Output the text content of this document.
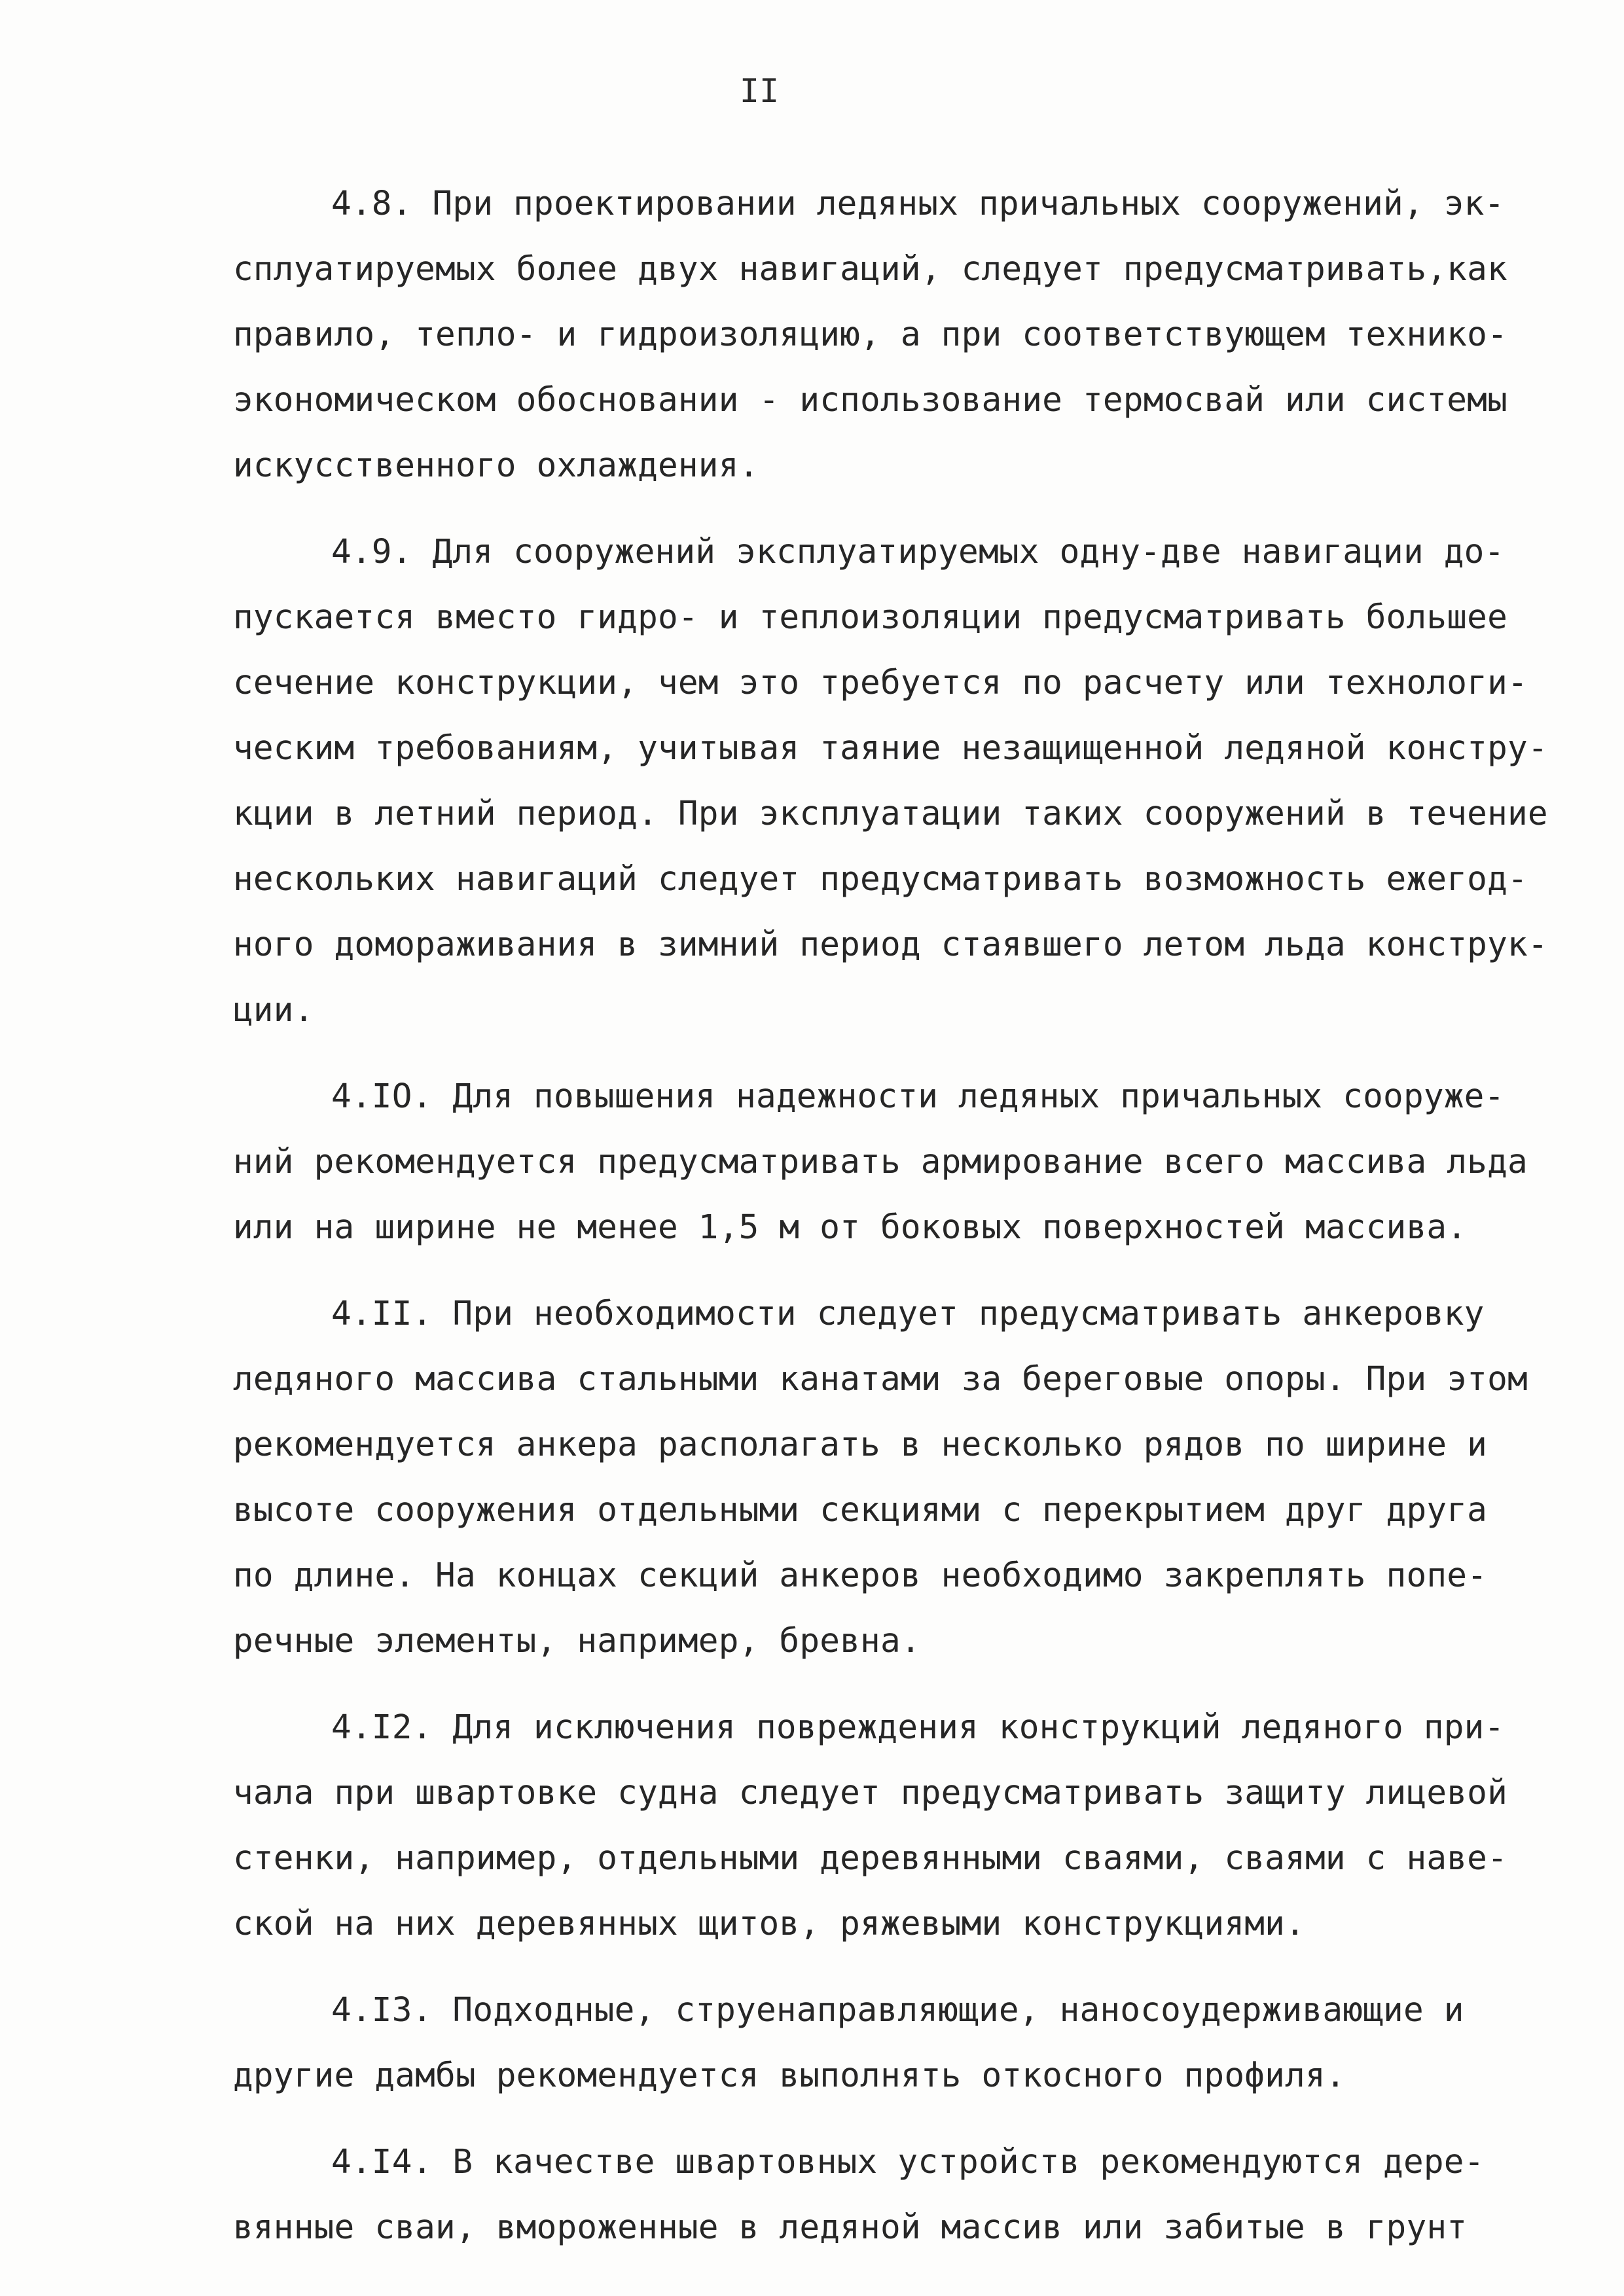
II
4.8. При проектировании ледяных причальных сооружений, эк-
сплуатируемых более двух навигаций, следует предусматривать,как
правило, тепло- и гидроизоляцию, а при соответствующем технико-
экономическом обосновании - использование термосвай или системы
искусственного охлаждения.
4.9. Для сооружений эксплуатируемых одну-две навигации до-
пускается вместо гидро- и теплоизоляции предусматривать большее
сечение конструкции, чем это требуется по расчету или технологи-
ческим требованиям, учитывая таяние незащищенной ледяной констру-
кции в летний период. При эксплуатации таких сооружений в течение
нескольких навигаций следует предусматривать возможность ежегод-
ного доморaживания в зимний период стаявшего летом льда конструк-
ции.
4.IO. Для повышения надежности ледяных причальных сооруже-
ний рекомендуется предусматривать армирование всего массива льда
или на ширине не менее 1,5 м от боковых поверхностей массива.
4.II. При необходимости следует предусматривать анкеровку
ледяного массива стальными канатами за береговые опоры. При этом
рекомендуется анкера располагать в несколько рядов по ширине и
высоте сооружения отдельными секциями с перекрытием друг друга
по длине. На концах секций анкеров необходимо закреплять попе-
речные элементы, например, бревна.
4.I2. Для исключения повреждения конструкций ледяного при-
чала при швартовке судна следует предусматривать защиту лицевой
стенки, например, отдельными деревянными сваями, сваями с наве-
ской на них деревянных щитов, ряжевыми конструкциями.
4.I3. Подходные, струенаправляющие, наносоудерживающие и
другие дамбы рекомендуется выполнять откосного профиля.
4.I4. В качестве швартовных устройств рекомендуются дере-
вянные сваи, вмороженные в ледяной массив или забитые в грунт
